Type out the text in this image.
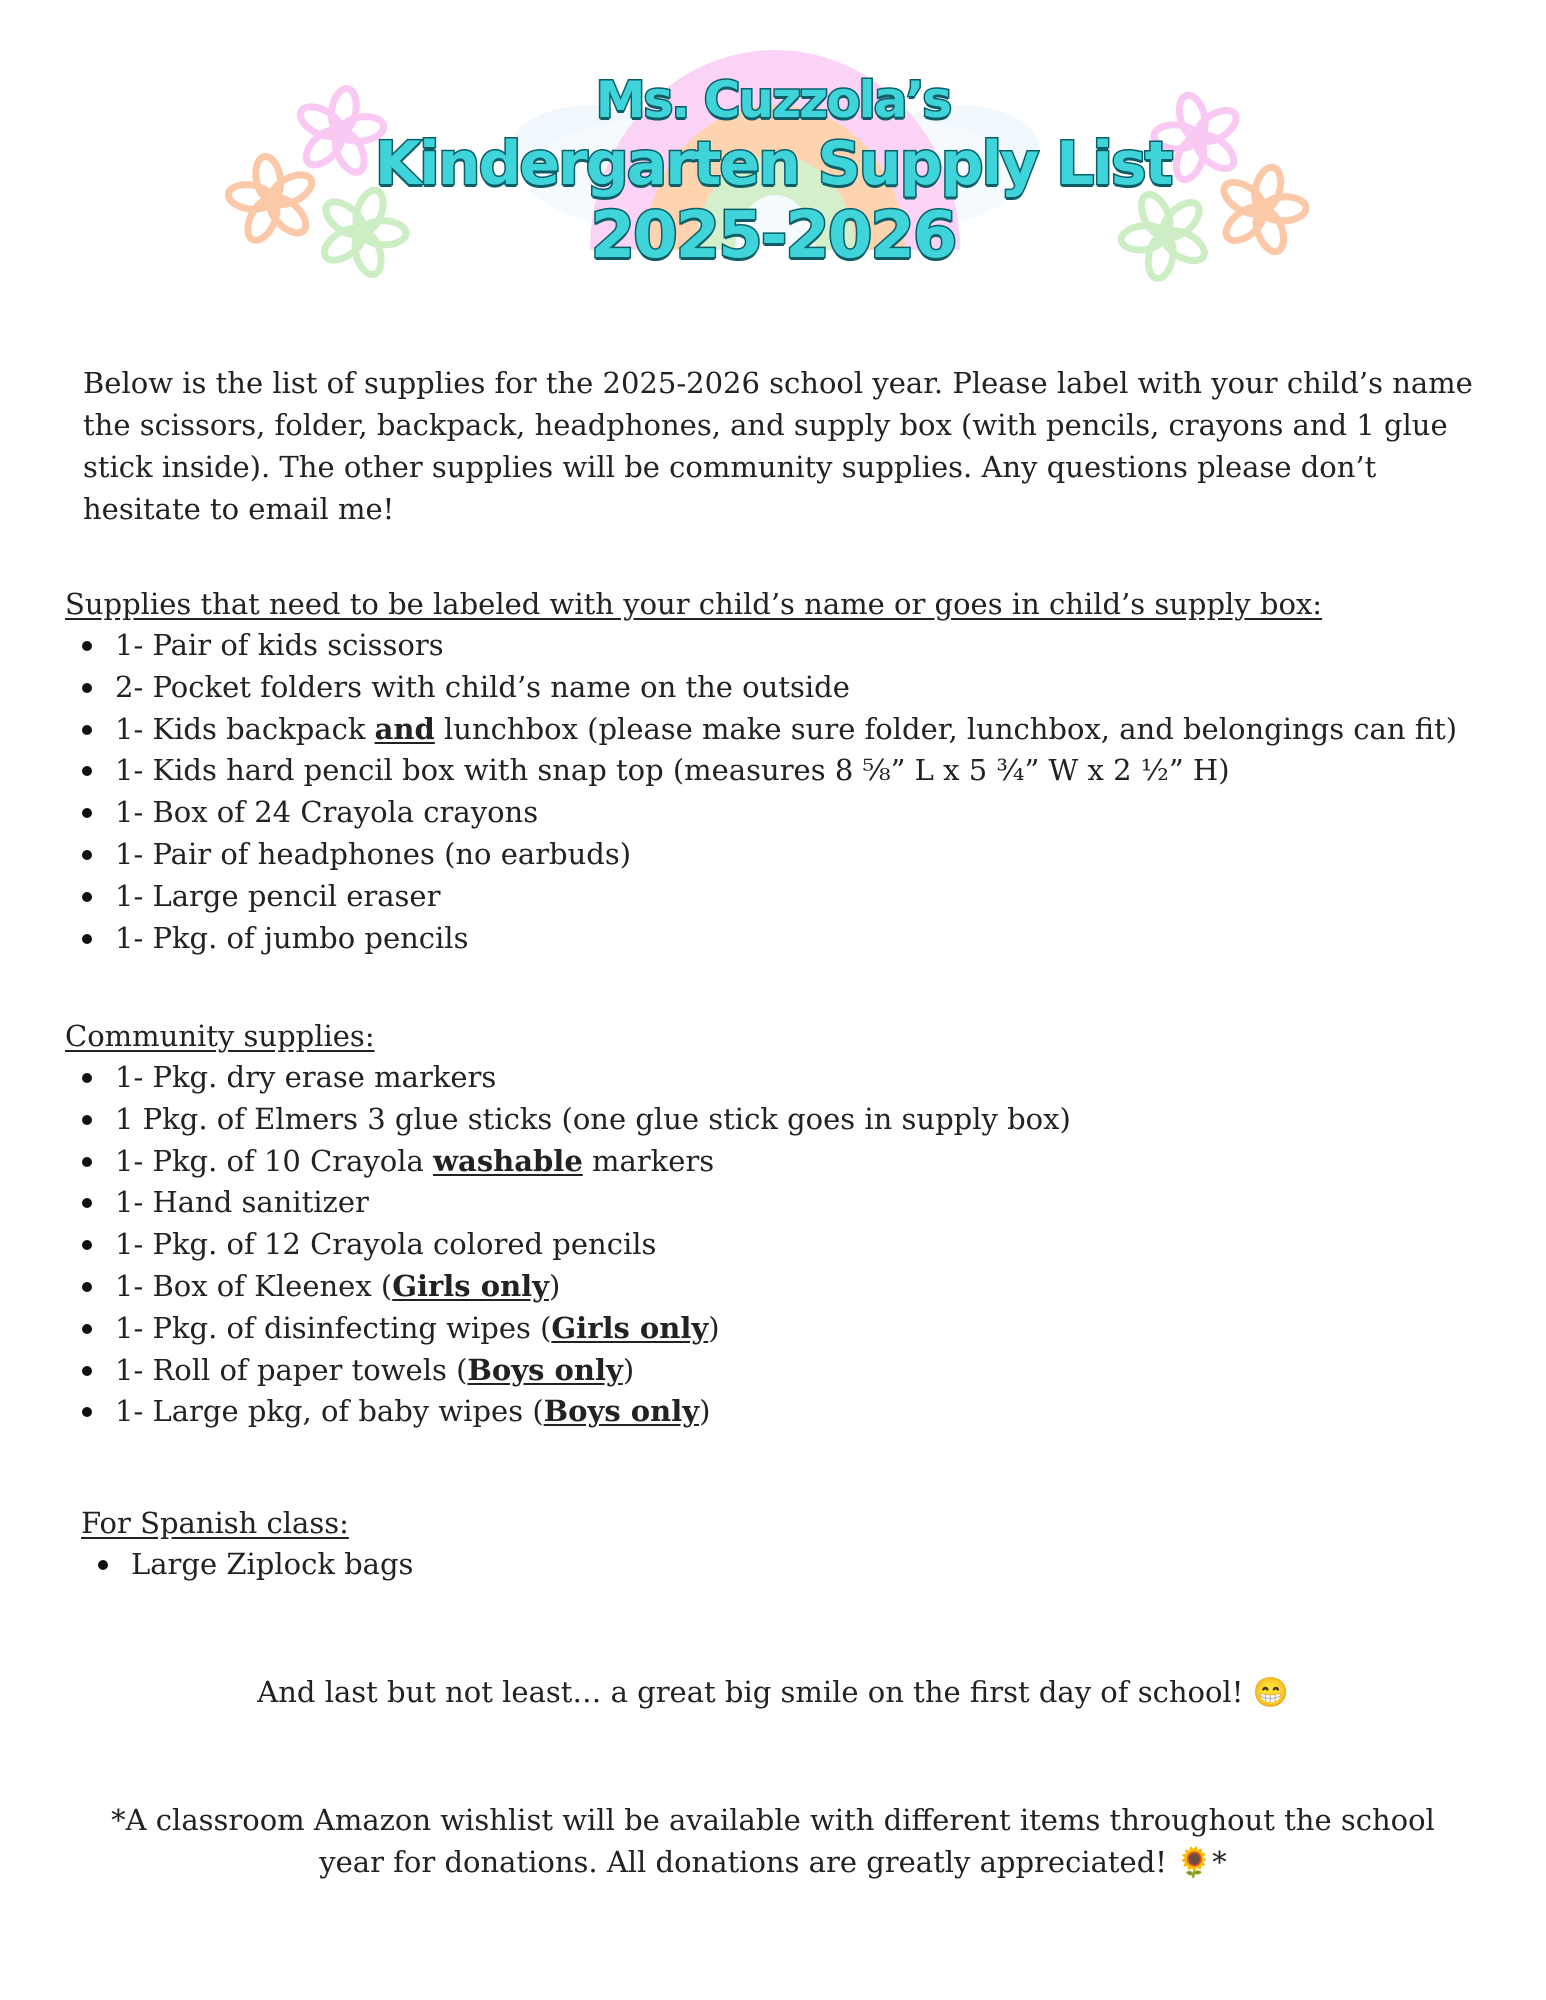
Ms. Cuzzola’s
Kindergarten Supply List
2025-2026
Below is the list of supplies for the 2025-2026 school year. Please label with your child’s name the scissors, folder, backpack, headphones, and supply box (with pencils, crayons and 1 glue stick inside). The other supplies will be community supplies. Any questions please don’t hesitate to email me!
Supplies that need to be labeled with your child’s name or goes in child’s supply box:
1- Pair of kids scissors
2- Pocket folders with child’s name on the outside
1- Kids backpack and lunchbox (please make sure folder, lunchbox, and belongings can fit)
1- Kids hard pencil box with snap top (measures 8 ⅝” L x 5 ¾” W x 2 ½” H)
1- Box of 24 Crayola crayons
1- Pair of headphones (no earbuds)
1- Large pencil eraser
1- Pkg. of jumbo pencils
Community supplies:
1- Pkg. dry erase markers
1 Pkg. of Elmers 3 glue sticks (one glue stick goes in supply box)
1- Pkg. of 10 Crayola washable markers
1- Hand sanitizer
1- Pkg. of 12 Crayola colored pencils
1- Box of Kleenex (Girls only)
1- Pkg. of disinfecting wipes (Girls only)
1- Roll of paper towels (Boys only)
1- Large pkg, of baby wipes (Boys only)
For Spanish class:
Large Ziplock bags
And last but not least… a great big smile on the first day of school! 😁
*A classroom Amazon wishlist will be available with different items throughout the school
year for donations. All donations are greatly appreciated! 🌻*
